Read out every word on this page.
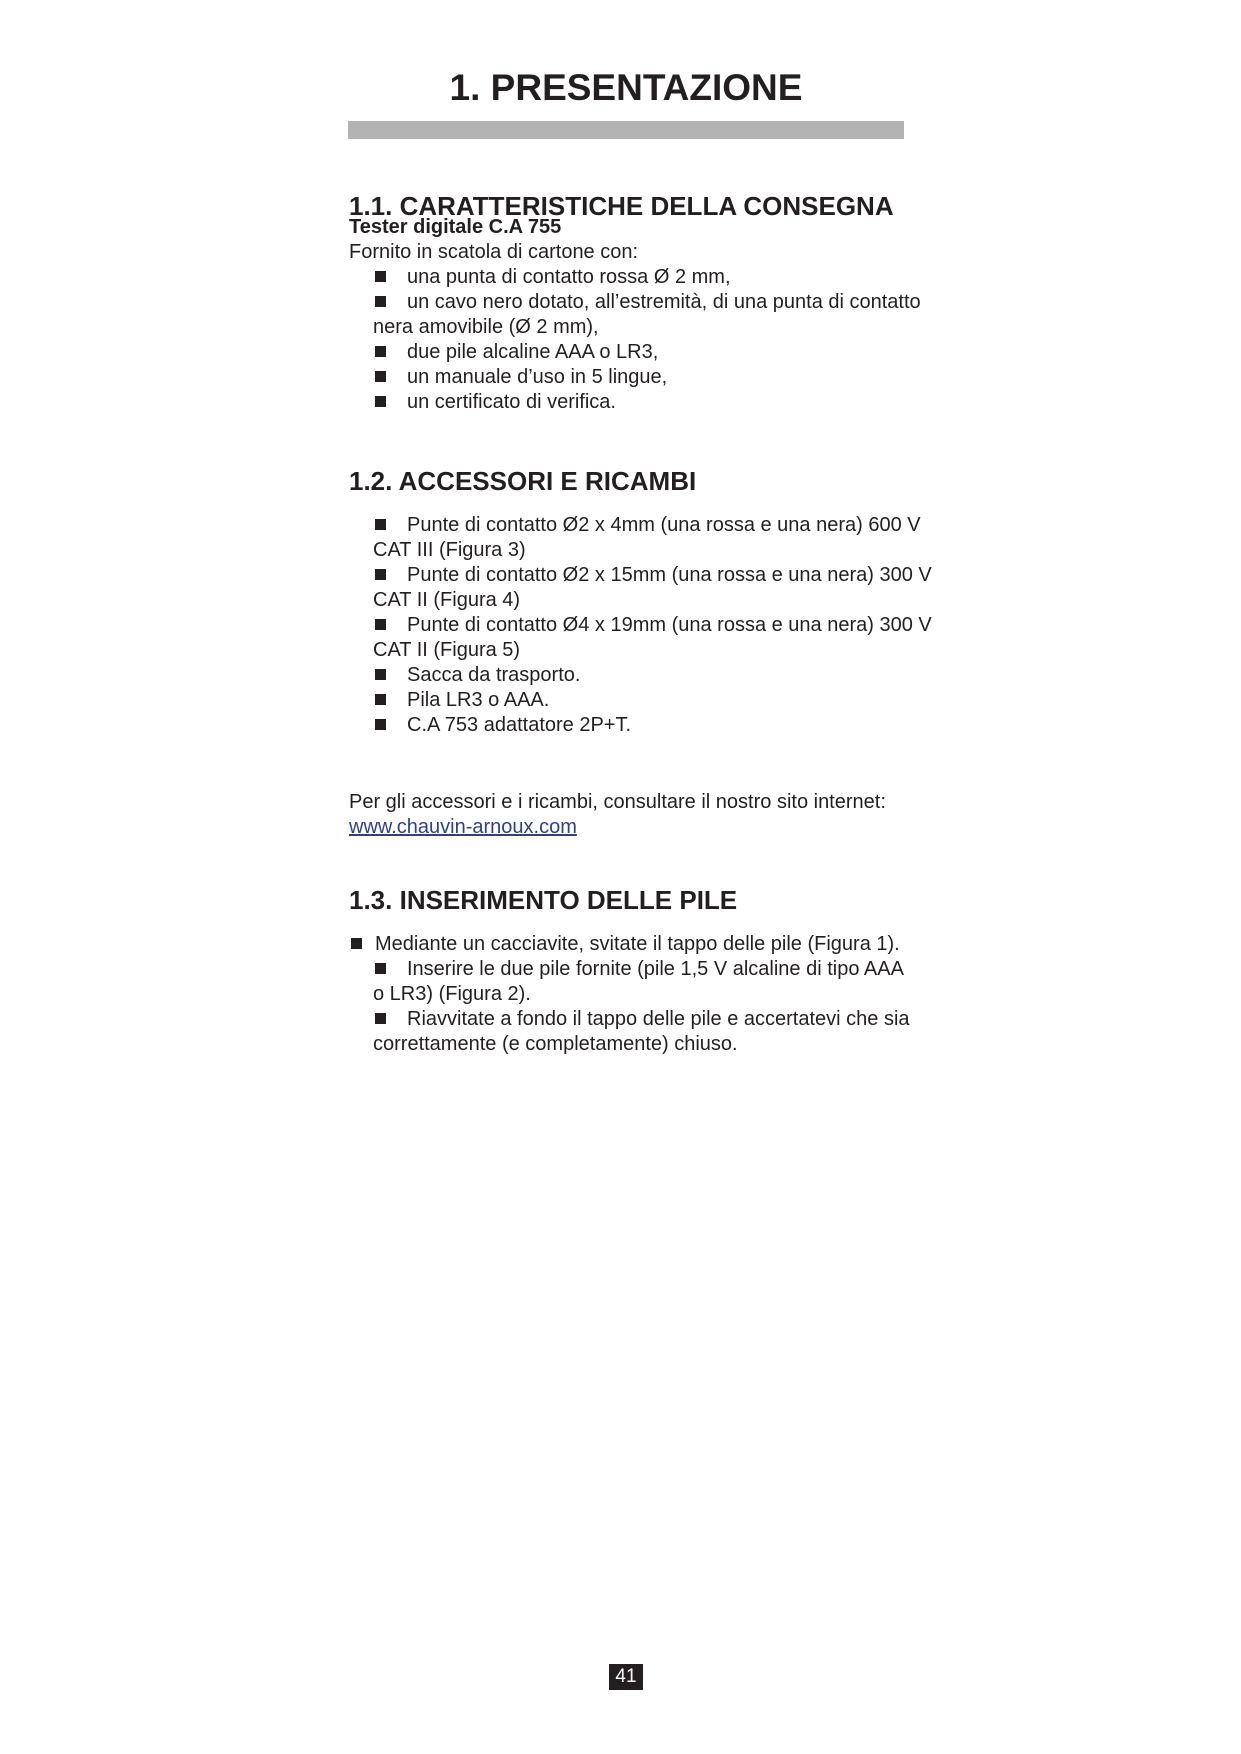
1. PRESENTAZIONE
1.1. CARATTERISTICHE DELLA CONSEGNA

Tester digitale C.A 755

Fornito in scatola di cartone con:

una punta di contatto rossa Ø 2 mm,
un cavo nero dotato, all’estremità, di una punta di contatto
nera amovibile (Ø 2 mm),
due pile alcaline AAA o LR3,
un manuale d’uso in 5 lingue,
un certificato di verifica.
1.2. ACCESSORI E RICAMBI
Punte di contatto Ø2 x 4mm (una rossa e una nera) 600 V
CAT III (Figura 3)
Punte di contatto Ø2 x 15mm (una rossa e una nera) 300 V
CAT II (Figura 4)
Punte di contatto Ø4 x 19mm (una rossa e una nera) 300 V
CAT II (Figura 5)
Sacca da trasporto.
Pila LR3 o AAA.
C.A 753 adattatore 2P+T.

Per gli accessori e i ricambi, consultare il nostro sito internet:

www.chauvin-arnoux.com
1.3. INSERIMENTO DELLE PILE
Mediante un cacciavite, svitate il tappo delle pile (Figura 1).
Inserire le due pile fornite (pile 1,5 V alcaline di tipo AAA
o LR3) (Figura 2).
Riavvitate a fondo il tappo delle pile e accertatevi che sia
correttamente (e completamente) chiuso.
41
